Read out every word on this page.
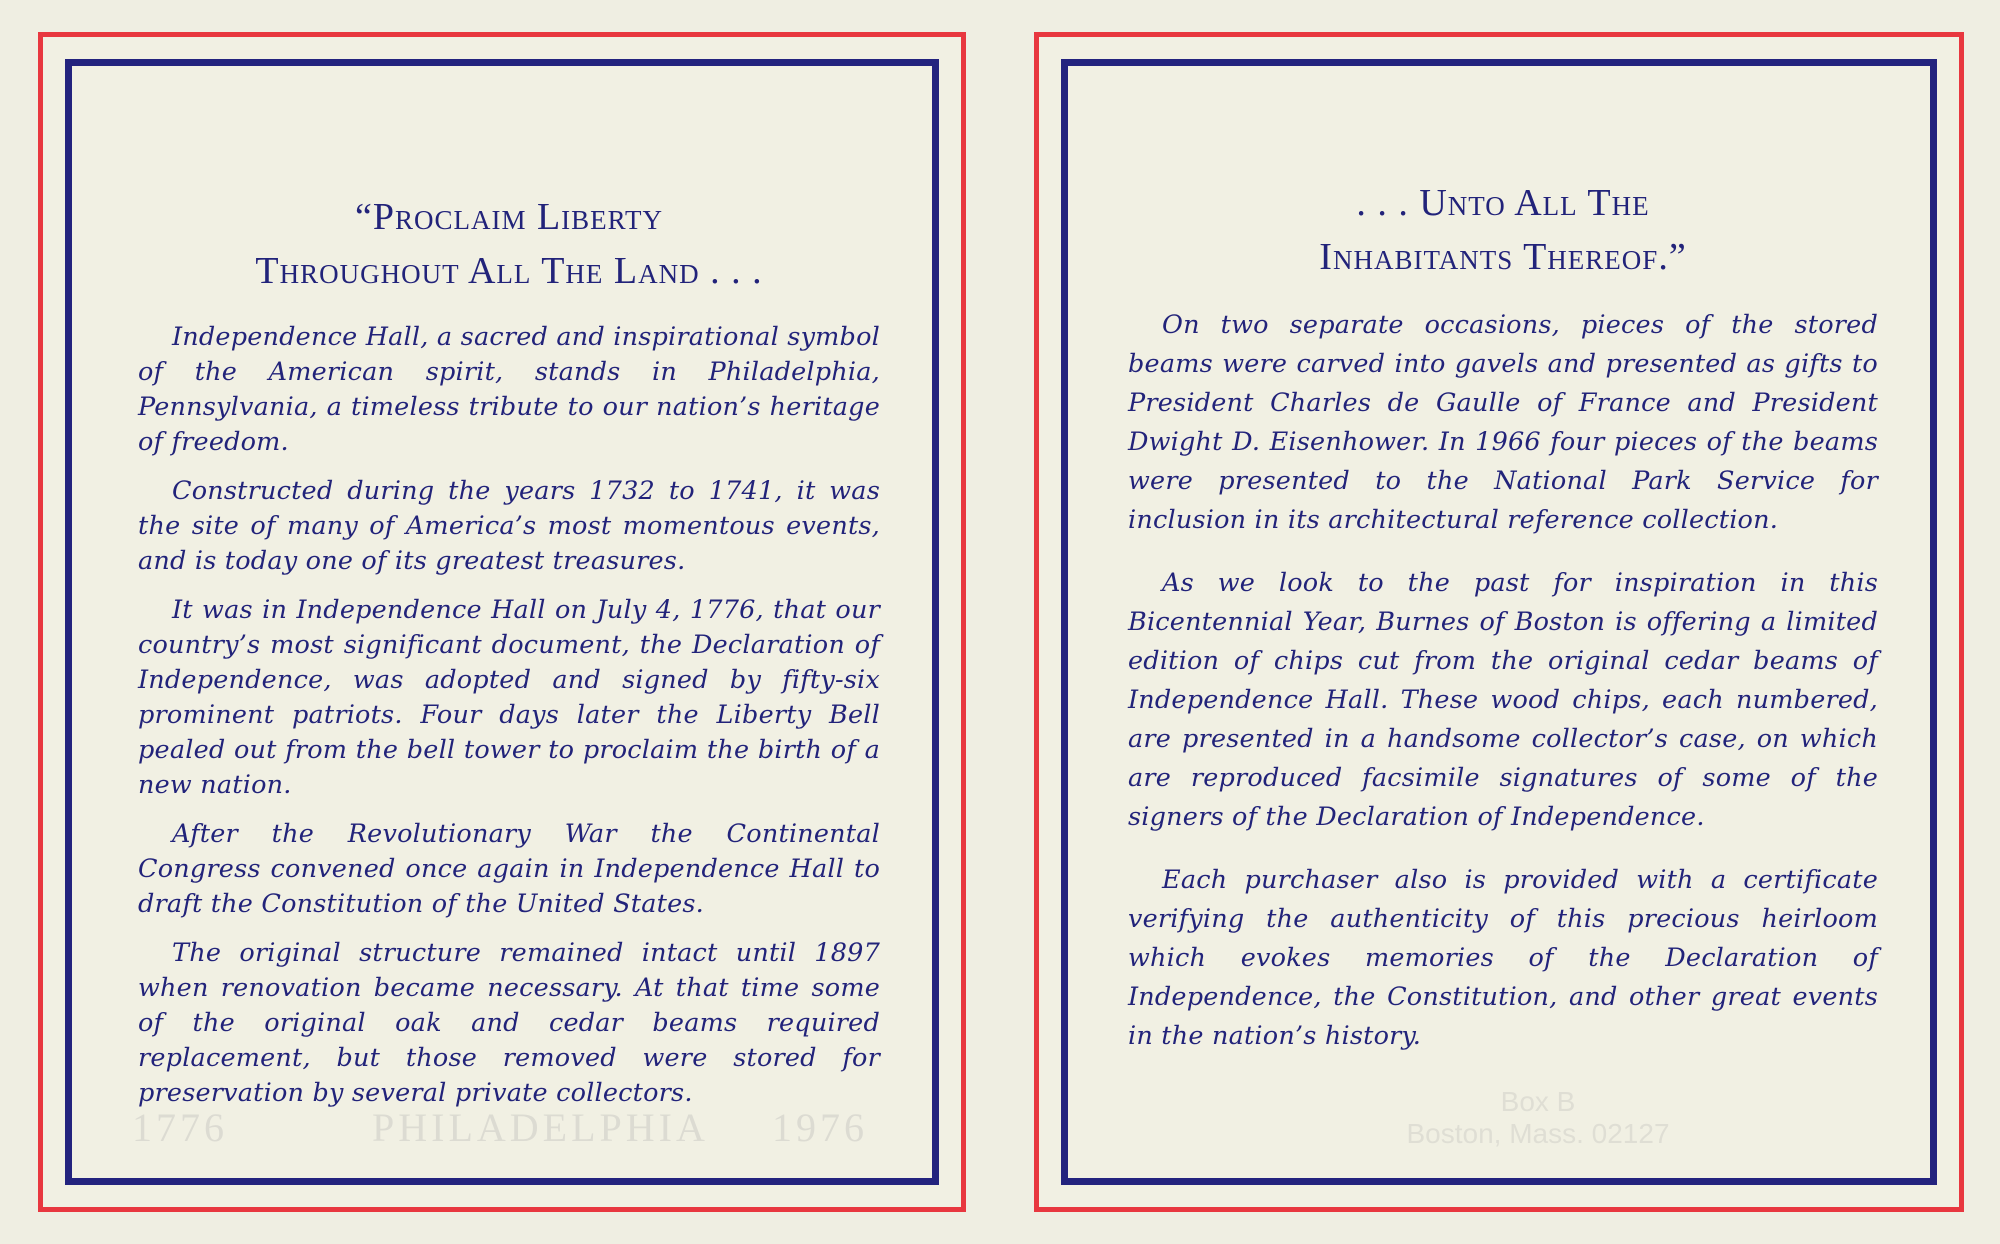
1776	PHILADELPHIA 1976
“Proclaim Liberty
Throughout All The Land . . .

Independence Hall, a sacred and inspirational symbol of the American spirit, stands in Philadelphia, Pennsylvania, a timeless tribute to our nation’s heritage of freedom.

Constructed during the years 1732 to 1741, it was the site of many of America’s most momentous events, and is today one of its greatest treasures.

It was in Independence Hall on July 4, 1776, that our country’s most significant document, the Declaration of Independence, was adopted and signed by fifty-six prominent patriots. Four days later the Liberty Bell pealed out from the bell tower to proclaim the birth of a new nation.

After the Revolutionary War the Continental Congress convened once again in Independence Hall to draft the Constitution of the United States.

The original structure remained intact until 1897 when renovation became necessary. At that time some of the original oak and cedar beams required replacement, but those removed were stored for preservation by several private collectors.	Box B
Boston, Mass. 02127
. . . Unto All The
Inhabitants Thereof.”

On two separate occasions, pieces of the stored beams were carved into gavels and presented as gifts to President Charles de Gaulle of France and President Dwight D. Eisenhower. In 1966 four pieces of the beams were presented to the National Park Service for inclusion in its architectural reference collection.

As we look to the past for inspiration in this Bicentennial Year, Burnes of Boston is offering a limited edition of chips cut from the original cedar beams of Independence Hall. These wood chips, each numbered, are presented in a handsome collector’s case, on which are reproduced facsimile signatures of some of the signers of the Declaration of Independence.

Each purchaser also is provided with a certificate verifying the authenticity of this precious heirloom which evokes memories of the Declaration of Independence, the Constitution, and other great events in the nation’s history.
